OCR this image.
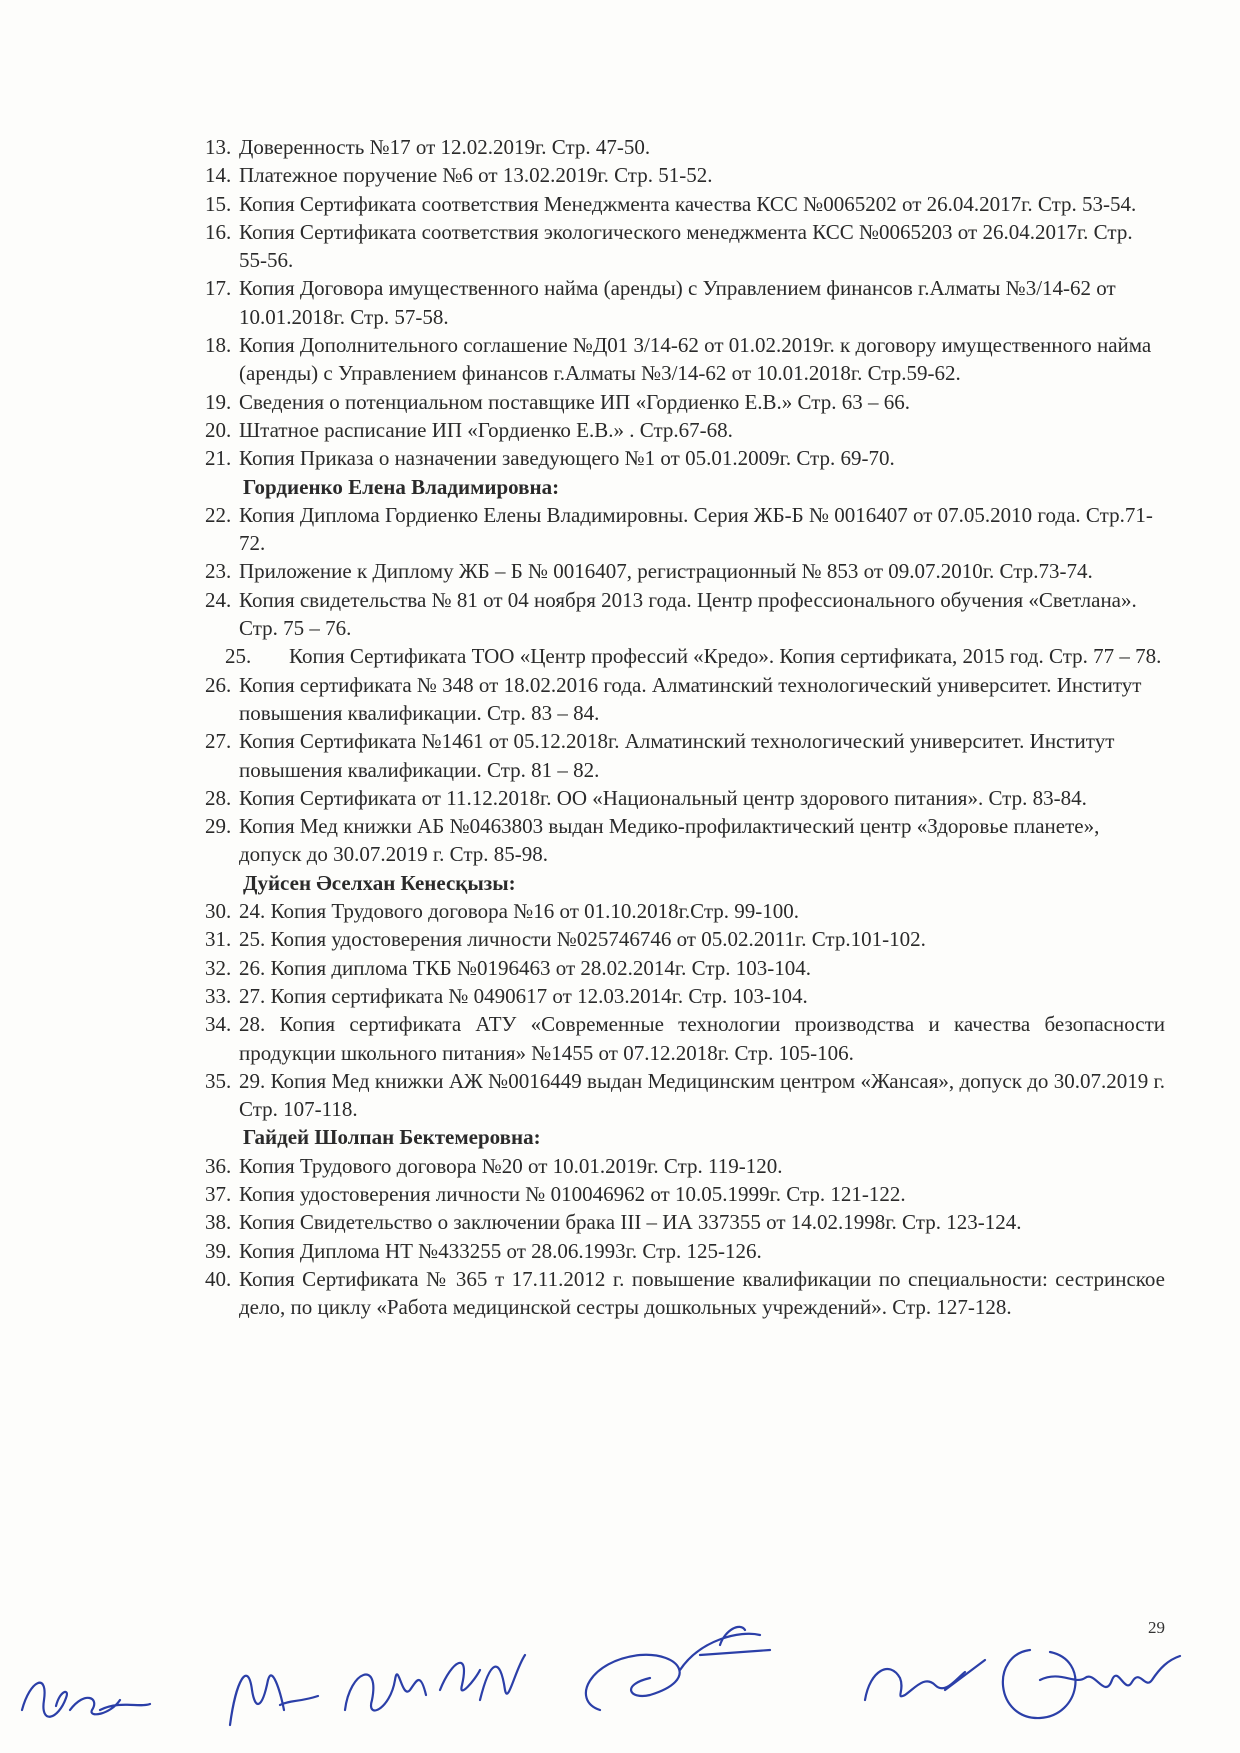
13. Доверенность №17 от 12.02.2019г. Стр. 47-50.
14. Платежное поручение №6 от 13.02.2019г. Стр. 51-52.
15. Копия Сертификата соответствия Менеджмента качества КСС №0065202 от 26.04.2017г. Стр. 53-54.
16. Копия Сертификата соответствия экологического менеджмента КСС №0065203 от 26.04.2017г. Стр. 55-56.
17. Копия Договора имущественного найма (аренды) с Управлением финансов г.Алматы №3/14-62 от 10.01.2018г. Стр. 57-58.
18. Копия Дополнительного соглашение №Д01 3/14-62 от 01.02.2019г. к договору имущественного найма (аренды) с Управлением финансов г.Алматы №3/14-62 от 10.01.2018г. Стр.59-62.
19. Сведения о потенциальном поставщике ИП «Гордиенко Е.В.» Стр. 63 – 66.
20. Штатное расписание ИП «Гордиенко Е.В.» . Стр.67-68.
21. Копия Приказа о назначении заведующего №1 от 05.01.2009г. Стр. 69-70.
Гордиенко Елена Владимировна:
22. Копия Диплома Гордиенко Елены Владимировны. Серия ЖБ-Б № 0016407 от 07.05.2010 года. Стр.71-72.
23. Приложение к Диплому ЖБ – Б № 0016407, регистрационный № 853 от 09.07.2010г. Стр.73-74.
24. Копия свидетельства № 81 от 04 ноября 2013 года. Центр профессионального обучения «Светлана». Стр. 75 – 76.
25. Копия Сертификата ТОО «Центр профессий «Кредо». Копия сертификата, 2015 год. Стр. 77 – 78.
26. Копия сертификата № 348 от 18.02.2016 года. Алматинский технологический университет. Институт повышения квалификации. Стр. 83 – 84.
27. Копия Сертификата №1461 от 05.12.2018г. Алматинский технологический университет. Институт повышения квалификации. Стр. 81 – 82.
28. Копия Сертификата от 11.12.2018г. ОО «Национальный центр здорового питания». Стр. 83-84.
29. Копия Мед книжки АБ №0463803 выдан Медико-профилактический центр «Здоровье планете», допуск до 30.07.2019 г. Стр. 85-98.
Дуйсен Әселхан Кенесқызы:
30. 24. Копия Трудового договора №16 от 01.10.2018г.Стр. 99-100.
31. 25. Копия удостоверения личности №025746746 от 05.02.2011г. Стр.101-102.
32. 26. Копия диплома ТКБ №0196463 от 28.02.2014г. Стр. 103-104.
33. 27. Копия сертификата № 0490617 от 12.03.2014г. Стр. 103-104.
34. 28. Копия сертификата АТУ «Современные технологии производства и качества безопасности продукции школьного питания» №1455 от 07.12.2018г. Стр. 105-106.
35. 29. Копия Мед книжки АЖ №0016449 выдан Медицинским центром «Жансая», допуск до 30.07.2019 г. Стр. 107-118.
Гайдей Шолпан Бектемеровна:
36. Копия Трудового договора №20 от 10.01.2019г. Стр. 119-120.
37. Копия удостоверения личности № 010046962 от 10.05.1999г. Стр. 121-122.
38. Копия Свидетельство о заключении брака III – ИА 337355 от 14.02.1998г. Стр. 123-124.
39. Копия Диплома НТ №433255 от 28.06.1993г. Стр. 125-126.
40. Копия Сертификата № 365 т 17.11.2012 г. повышение квалификации по специальности: сестринское дело, по циклу «Работа медицинской сестры дошкольных учреждений». Стр. 127-128.
29
